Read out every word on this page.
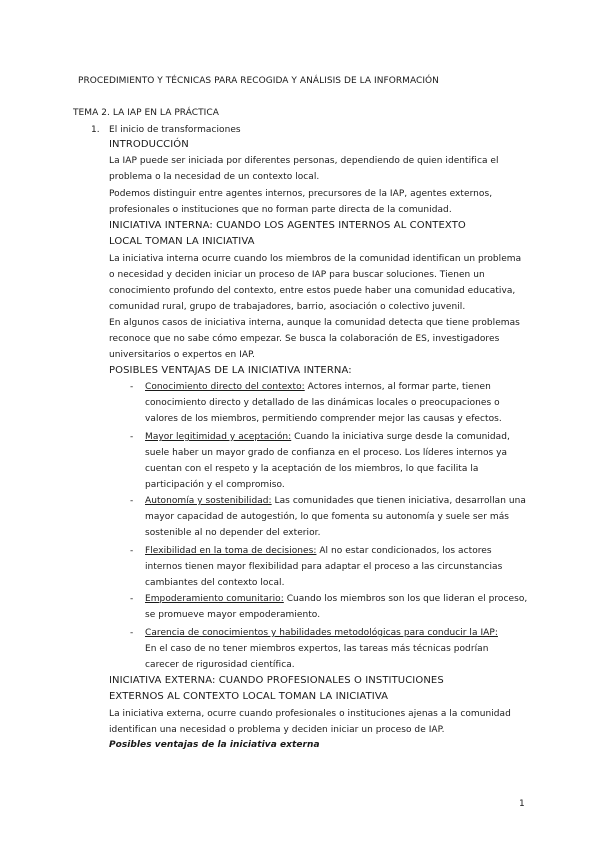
PROCEDIMIENTO Y TÉCNICAS PARA RECOGIDA Y ANÁLISIS DE LA INFORMACIÓN
TEMA 2. LA IAP EN LA PRÁCTICA
1. El inicio de transformaciones
INTRODUCCIÓN
La IAP puede ser iniciada por diferentes personas, dependiendo de quien identifica el
problema o la necesidad de un contexto local.
Podemos distinguir entre agentes internos, precursores de la IAP, agentes externos,
profesionales o instituciones que no forman parte directa de la comunidad.
INICIATIVA INTERNA: CUANDO LOS AGENTES INTERNOS AL CONTEXTO
LOCAL TOMAN LA INICIATIVA
La iniciativa interna ocurre cuando los miembros de la comunidad identifican un problema
o necesidad y deciden iniciar un proceso de IAP para buscar soluciones. Tienen un
conocimiento profundo del contexto, entre estos puede haber una comunidad educativa,
comunidad rural, grupo de trabajadores, barrio, asociación o colectivo juvenil.
En algunos casos de iniciativa interna, aunque la comunidad detecta que tiene problemas
reconoce que no sabe cómo empezar. Se busca la colaboración de ES, investigadores
universitarios o expertos en IAP.
POSIBLES VENTAJAS DE LA INICIATIVA INTERNA:
- Conocimiento directo del contexto: Actores internos, al formar parte, tienen
conocimiento directo y detallado de las dinámicas locales o preocupaciones o
valores de los miembros, permitiendo comprender mejor las causas y efectos.
- Mayor legitimidad y aceptación: Cuando la iniciativa surge desde la comunidad,
suele haber un mayor grado de confianza en el proceso. Los líderes internos ya
cuentan con el respeto y la aceptación de los miembros, lo que facilita la
participación y el compromiso.
- Autonomía y sostenibilidad: Las comunidades que tienen iniciativa, desarrollan una
mayor capacidad de autogestión, lo que fomenta su autonomía y suele ser más
sostenible al no depender del exterior.
- Flexibilidad en la toma de decisiones: Al no estar condicionados, los actores
internos tienen mayor flexibilidad para adaptar el proceso a las circunstancias
cambiantes del contexto local.
- Empoderamiento comunitario: Cuando los miembros son los que lideran el proceso,
se promueve mayor empoderamiento.
- Carencia de conocimientos y habilidades metodológicas para conducir la IAP:
En el caso de no tener miembros expertos, las tareas más técnicas podrían
carecer de rigurosidad científica.
INICIATIVA EXTERNA: CUANDO PROFESIONALES O INSTITUCIONES
EXTERNOS AL CONTEXTO LOCAL TOMAN LA INICIATIVA
La iniciativa externa, ocurre cuando profesionales o instituciones ajenas a la comunidad
identifican una necesidad o problema y deciden iniciar un proceso de IAP.
Posibles ventajas de la iniciativa externa
1
